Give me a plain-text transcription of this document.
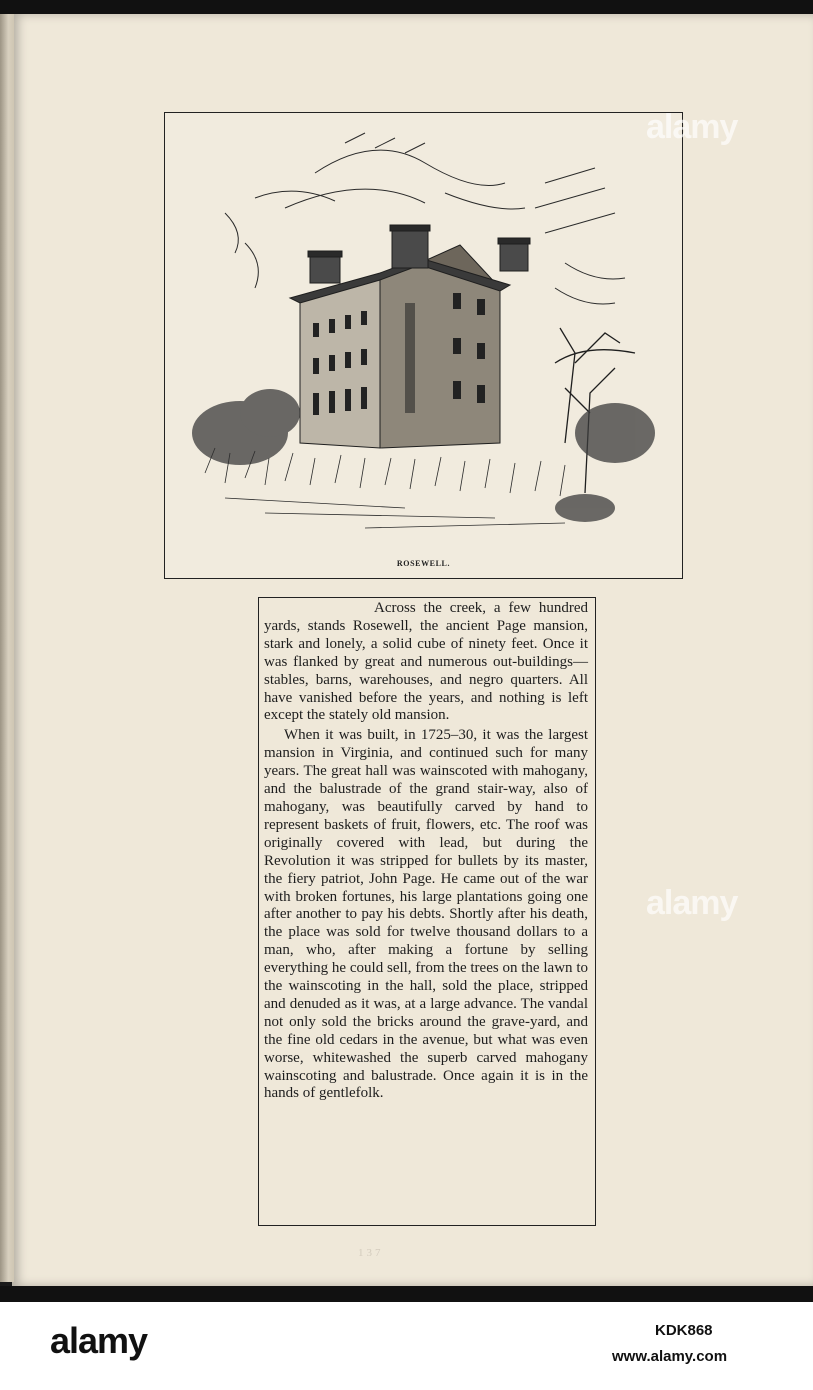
ROSEWELL.

Across the creek, a few hundred yards, stands Rosewell, the ancient Page mansion, stark and lonely, a solid cube of ninety feet. Once it was flanked by great and numerous out-buildings—stables, barns, warehouses, and negro quarters. All have vanished before the years, and nothing is left except the stately old mansion.

When it was built, in 1725–30, it was the largest mansion in Virginia, and continued such for many years. The great hall was wainscoted with mahogany, and the balustrade of the grand stair-way, also of mahogany, was beautifully carved by hand to represent baskets of fruit, flowers, etc. The roof was originally covered with lead, but during the Revolution it was stripped for bullets by its master, the fiery patriot, John Page. He came out of the war with broken fortunes, his large plantations going one after another to pay his debts. Shortly after his death, the place was sold for twelve thousand dollars to a man, who, after making a fortune by selling everything he could sell, from the trees on the lawn to the wainscoting in the hall, sold the place, stripped and denuded as it was, at a large advance. The vandal not only sold the bricks around the grave-yard, and the fine old cedars in the avenue, but what was even worse, whitewashed the superb carved mahogany wainscoting and balustrade. Once again it is in the hands of gentlefolk.

137
alamy
alamy
alamy	KDK868
www.alamy.com
